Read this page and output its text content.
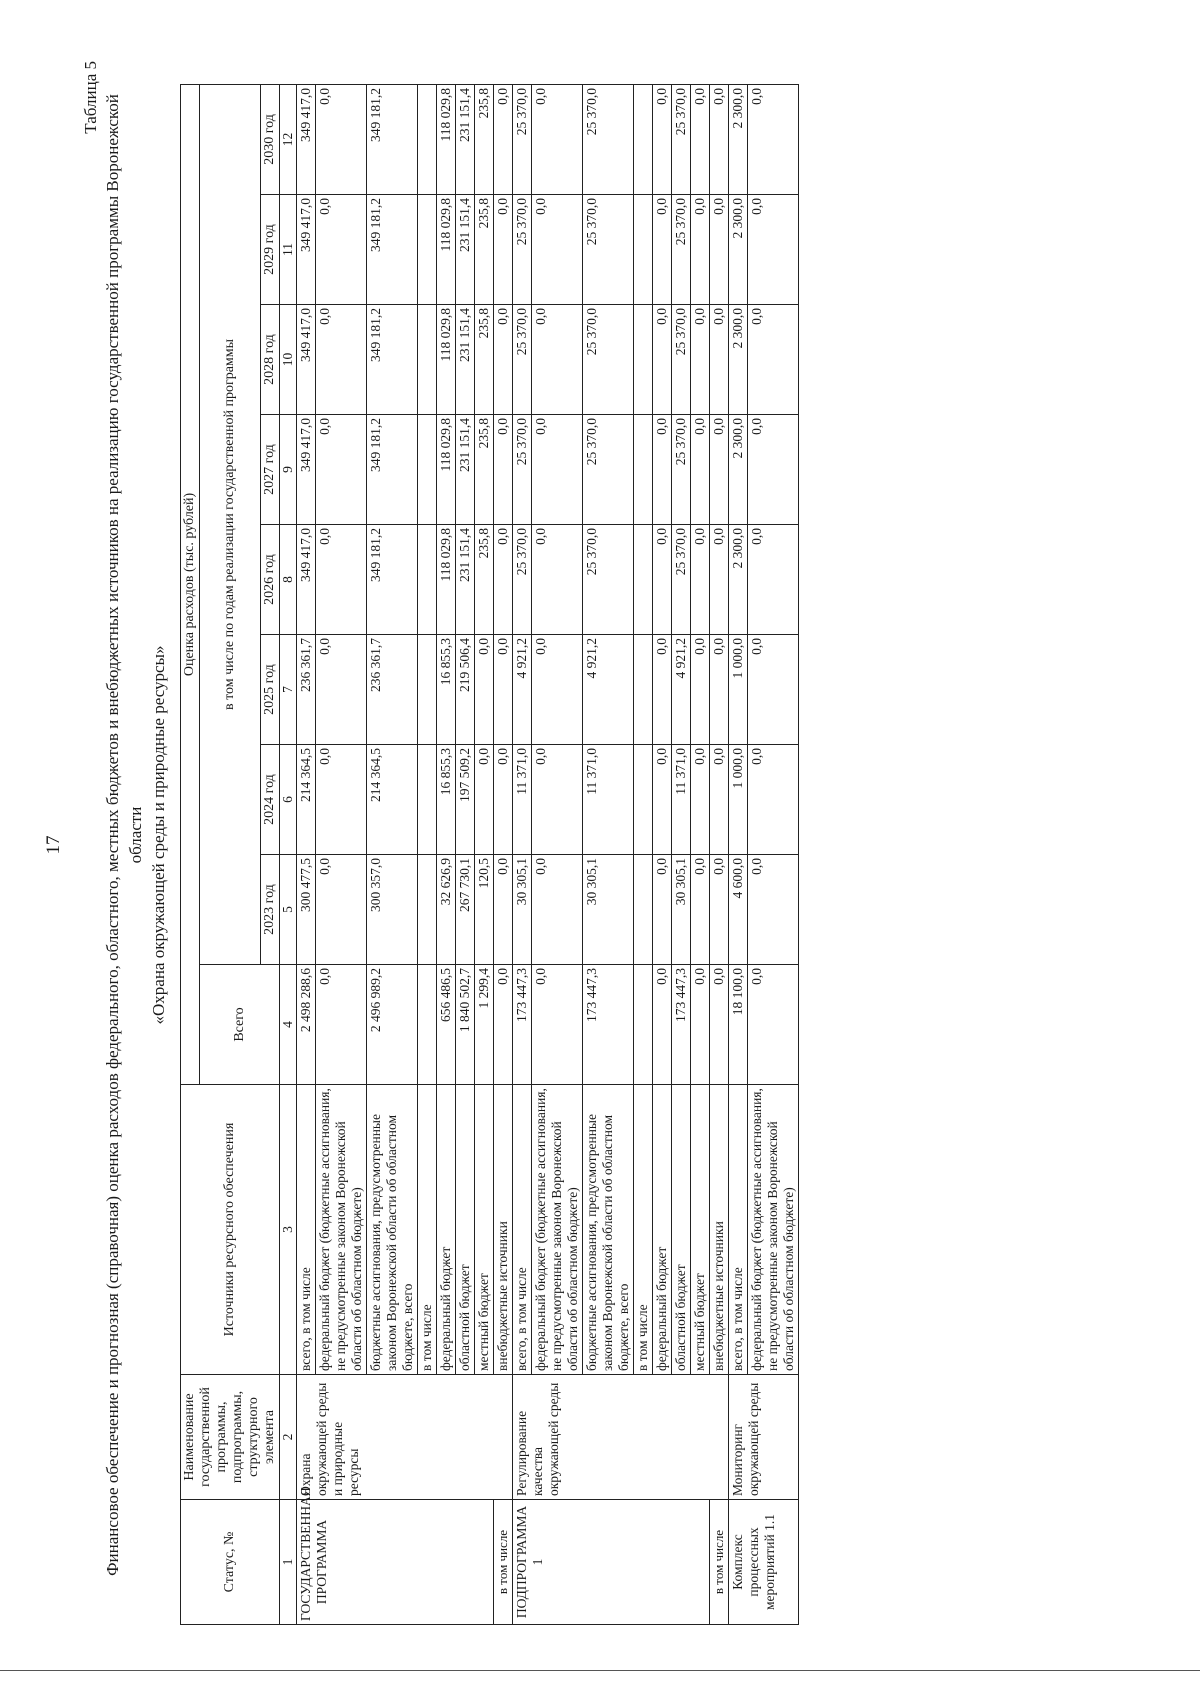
17
Таблица 5 Финансовое обеспечение и прогнозная (справочная) оценка расходов федерального, областного, местных бюджетов и внебюджетных источников на реализацию государственной программы Воронежской области «Охрана окружающей среды и природные ресурсы»
Статус, №	Наименование государственной программы, подпрограммы, структурного элемента	Источники ресурсного обеспечения	Оценка расходов (тыс. рублей)								
			Всего	в том числе по годам реализации государственной программы							
				2023 год	2024 год	2025 год	2026 год	2027 год	2028 год	2029 год	2030 год
1	2	3	4	5	6	7	8	9	10	11	12
ГОСУДАРСТВЕННАЯ ПРОГРАММА	Охрана окружающей среды и природные ресурсы	всего, в том числе	2 498 288,6	300 477,5	214 364,5	236 361,7	349 417,0	349 417,0	349 417,0	349 417,0	349 417,0
		федеральный бюджет (бюджетные ассигнования, не предусмотренные законом Воронежской области об областном бюджете)	0,0	0,0	0,0	0,0	0,0	0,0	0,0	0,0	0,0
		бюджетные ассигнования, предусмотренные законом Воронежской области об областном бюджете, всего	2 496 989,2	300 357,0	214 364,5	236 361,7	349 181,2	349 181,2	349 181,2	349 181,2	349 181,2
		в том числе									
		федеральный бюджет	656 486,5	32 626,9	16 855,3	16 855,3	118 029,8	118 029,8	118 029,8	118 029,8	118 029,8
		областной бюджет	1 840 502,7	267 730,1	197 509,2	219 506,4	231 151,4	231 151,4	231 151,4	231 151,4	231 151,4
		местный бюджет	1 299,4	120,5	0,0	0,0	235,8	235,8	235,8	235,8	235,8
в том числе		внебюджетные источники	0,0	0,0	0,0	0,0	0,0	0,0	0,0	0,0	0,0
ПОДПРОГРАММА 1	Регулирование качества окружающей среды	всего, в том числе	173 447,3	30 305,1	11 371,0	4 921,2	25 370,0	25 370,0	25 370,0	25 370,0	25 370,0
		федеральный бюджет (бюджетные ассигнования, не предусмотренные законом Воронежской области об областном бюджете)	0,0	0,0	0,0	0,0	0,0	0,0	0,0	0,0	0,0
		бюджетные ассигнования, предусмотренные законом Воронежской области об областном бюджете, всего	173 447,3	30 305,1	11 371,0	4 921,2	25 370,0	25 370,0	25 370,0	25 370,0	25 370,0
		в том числе									
		федеральный бюджет	0,0	0,0	0,0	0,0	0,0	0,0	0,0	0,0	0,0
		областной бюджет	173 447,3	30 305,1	11 371,0	4 921,2	25 370,0	25 370,0	25 370,0	25 370,0	25 370,0
		местный бюджет	0,0	0,0	0,0	0,0	0,0	0,0	0,0	0,0	0,0
в том числе		внебюджетные источники	0,0	0,0	0,0	0,0	0,0	0,0	0,0	0,0	0,0
Комплекс процессных мероприятий 1.1	Мониторинг окружающей среды	всего, в том числе	18 100,0	4 600,0	1 000,0	1 000,0	2 300,0	2 300,0	2 300,0	2 300,0	2 300,0
		федеральный бюджет (бюджетные ассигнования, не предусмотренные законом Воронежской области об областном бюджете)	0,0	0,0	0,0	0,0	0,0	0,0	0,0	0,0	0,0
